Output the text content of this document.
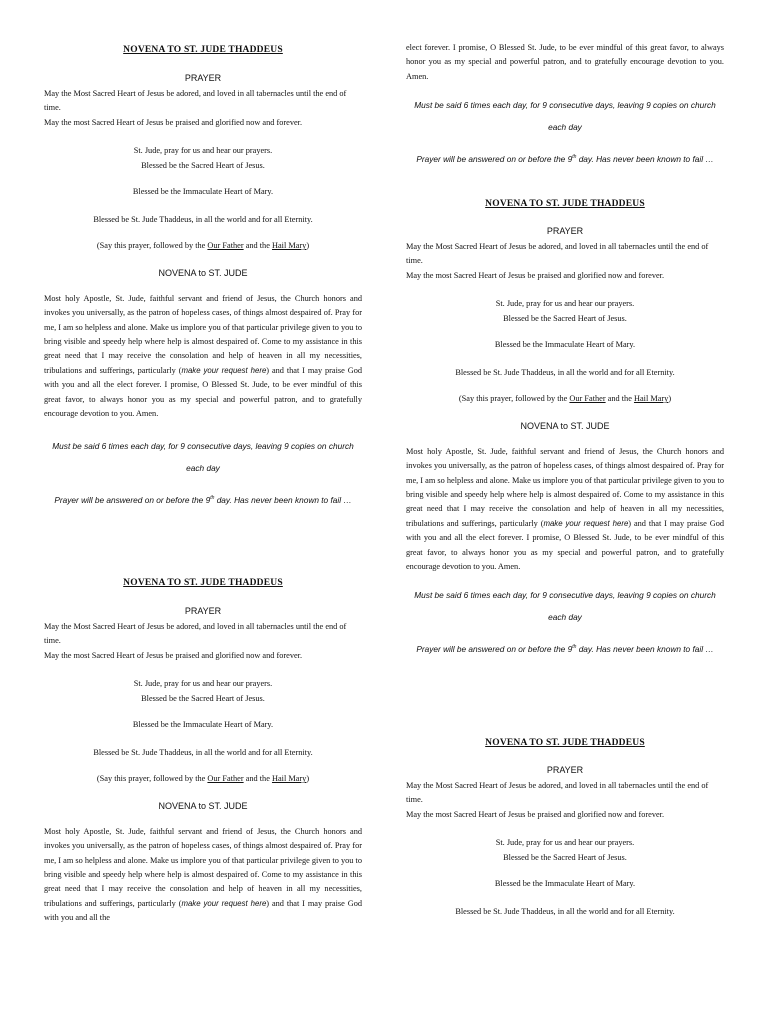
NOVENA TO ST. JUDE THADDEUS
PRAYER

May the Most Sacred Heart of Jesus be adored, and loved in all tabernacles until the end of time.

May the most Sacred Heart of Jesus be praised and glorified now and forever.

St. Jude, pray for us and hear our prayers.
Blessed be the Sacred Heart of Jesus.
Blessed be the Immaculate Heart of Mary.
Blessed be St. Jude Thaddeus, in all the world and for all Eternity.
(Say this prayer, followed by the Our Father and the Hail Mary)
NOVENA to ST. JUDE

Most holy Apostle, St. Jude, faithful servant and friend of Jesus, the Church honors and invokes you universally, as the patron of hopeless cases, of things almost despaired of. Pray for me, I am so helpless and alone. Make us implore you of that particular privilege given to you to bring visible and speedy help where help is almost despaired of. Come to my assistance in this great need that I may receive the consolation and help of heaven in all my necessities, tribulations and sufferings, particularly (make your request here) and that I may praise God with you and all the elect forever. I promise, O Blessed St. Jude, to be ever mindful of this great favor, to always honor you as my special and powerful patron, and to gratefully encourage devotion to you. Amen.

Must be said 6 times each day, for 9 consecutive days, leaving 9 copies on church each day
Prayer will be answered on or before the 9th day. Has never been known to fail …
NOVENA TO ST. JUDE THADDEUS
PRAYER

May the Most Sacred Heart of Jesus be adored, and loved in all tabernacles until the end of time.

May the most Sacred Heart of Jesus be praised and glorified now and forever.

St. Jude, pray for us and hear our prayers.
Blessed be the Sacred Heart of Jesus.
Blessed be the Immaculate Heart of Mary.
Blessed be St. Jude Thaddeus, in all the world and for all Eternity.
(Say this prayer, followed by the Our Father and the Hail Mary)
NOVENA to ST. JUDE

Most holy Apostle, St. Jude, faithful servant and friend of Jesus, the Church honors and invokes you universally, as the patron of hopeless cases, of things almost despaired of. Pray for me, I am so helpless and alone. Make us implore you of that particular privilege given to you to bring visible and speedy help where help is almost despaired of. Come to my assistance in this great need that I may receive the consolation and help of heaven in all my necessities, tribulations and sufferings, particularly (make your request here) and that I may praise God with you and all the

elect forever. I promise, O Blessed St. Jude, to be ever mindful of this great favor, to always honor you as my special and powerful patron, and to gratefully encourage devotion to you. Amen.

Must be said 6 times each day, for 9 consecutive days, leaving 9 copies on church each day
Prayer will be answered on or before the 9th day. Has never been known to fail …
NOVENA TO ST. JUDE THADDEUS
PRAYER

May the Most Sacred Heart of Jesus be adored, and loved in all tabernacles until the end of time.

May the most Sacred Heart of Jesus be praised and glorified now and forever.

St. Jude, pray for us and hear our prayers.
Blessed be the Sacred Heart of Jesus.
Blessed be the Immaculate Heart of Mary.
Blessed be St. Jude Thaddeus, in all the world and for all Eternity.
(Say this prayer, followed by the Our Father and the Hail Mary)
NOVENA to ST. JUDE

Most holy Apostle, St. Jude, faithful servant and friend of Jesus, the Church honors and invokes you universally, as the patron of hopeless cases, of things almost despaired of. Pray for me, I am so helpless and alone. Make us implore you of that particular privilege given to you to bring visible and speedy help where help is almost despaired of. Come to my assistance in this great need that I may receive the consolation and help of heaven in all my necessities, tribulations and sufferings, particularly (make your request here) and that I may praise God with you and all the elect forever. I promise, O Blessed St. Jude, to be ever mindful of this great favor, to always honor you as my special and powerful patron, and to gratefully encourage devotion to you. Amen.

Must be said 6 times each day, for 9 consecutive days, leaving 9 copies on church each day
Prayer will be answered on or before the 9th day. Has never been known to fail …
NOVENA TO ST. JUDE THADDEUS
PRAYER

May the Most Sacred Heart of Jesus be adored, and loved in all tabernacles until the end of time.

May the most Sacred Heart of Jesus be praised and glorified now and forever.

St. Jude, pray for us and hear our prayers.
Blessed be the Sacred Heart of Jesus.
Blessed be the Immaculate Heart of Mary.
Blessed be St. Jude Thaddeus, in all the world and for all Eternity.
